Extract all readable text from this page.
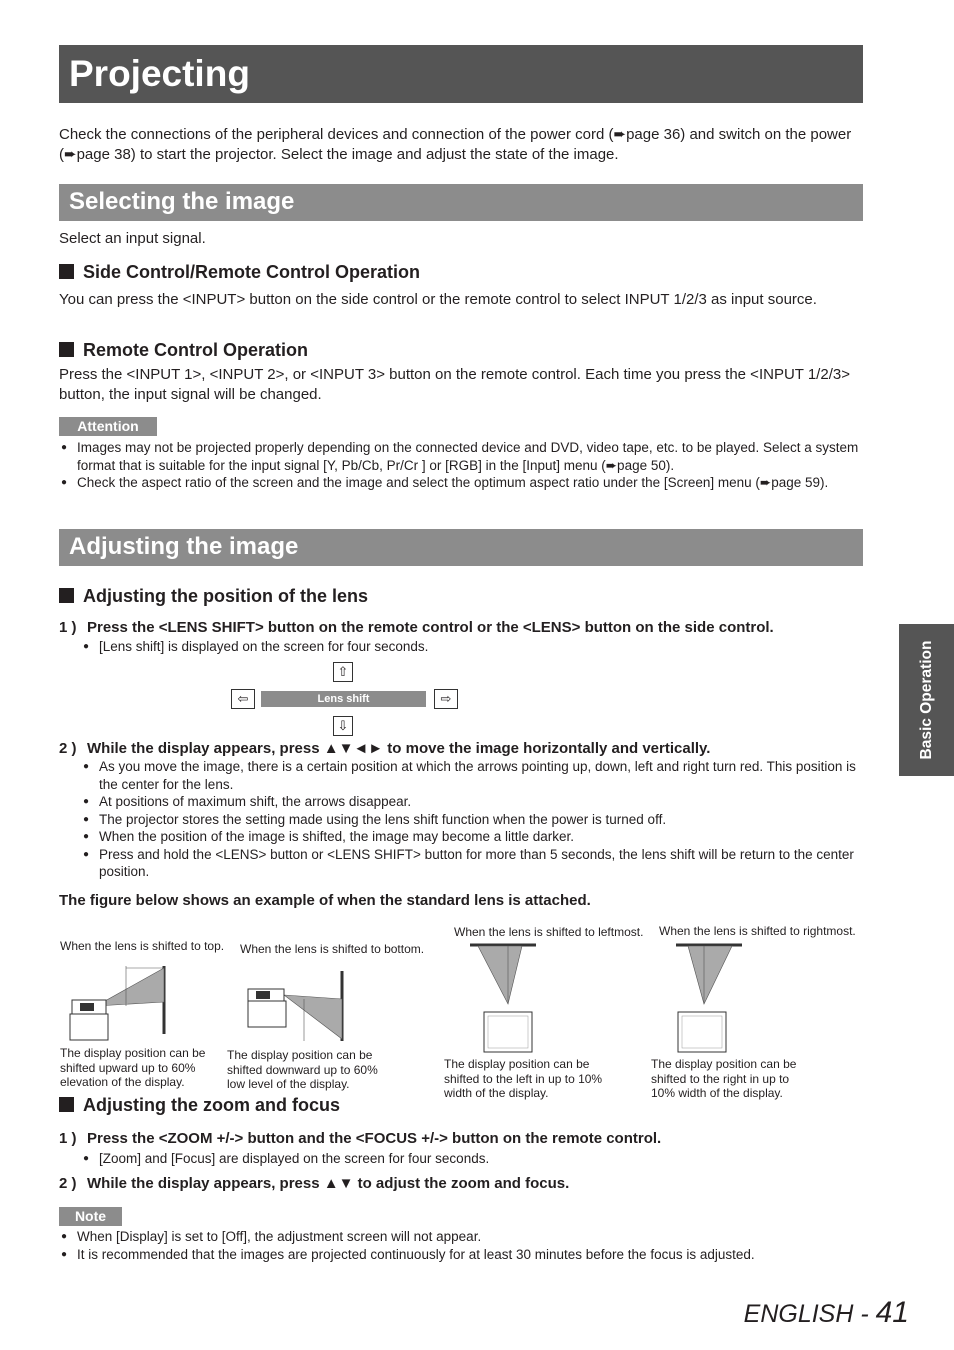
Projecting
Check the connections of the peripheral devices and connection of the power cord (➨page 36) and switch on the power (➨page 38) to start the projector. Select the image and adjust the state of the image.
Selecting the image
Select an input signal.
Side Control/Remote Control Operation
You can press the <INPUT> button on the side control or the remote control to select INPUT 1/2/3 as input source.
Remote Control Operation
Press the <INPUT 1>, <INPUT 2>, or <INPUT 3> button on the remote control. Each time you press the <INPUT 1/2/3> button, the input signal will be changed.
Attention
● Images may not be projected properly depending on the connected device and DVD, video tape, etc. to be played. Select a system format that is suitable for the input signal [Y, Pb/Cb, Pr/Cr ] or [RGB] in the [Input] menu (➨page 50).
● Check the aspect ratio of the screen and the image and select the optimum aspect ratio under the [Screen] menu (➨page 59).
Adjusting the image
Adjusting the position of the lens
1 ) Press the <LENS SHIFT> button on the remote control or the <LENS> button on the side control.
● [Lens shift] is displayed on the screen for four seconds.
⇧
⇦	Lens shift	⇨
⇩
2 ) While the display appears, press ▲▼◄► to move the image horizontally and vertically.
● As you move the image, there is a certain position at which the arrows pointing up, down, left and right turn red. This position is the center for the lens.
● At positions of maximum shift, the arrows disappear.
● The projector stores the setting made using the lens shift function when the power is turned off.
● When the position of the image is shifted, the image may become a little darker.
● Press and hold the <LENS> button or <LENS SHIFT> button for more than 5 seconds, the lens shift will be return to the center position.
The figure below shows an example of when the standard lens is attached.
When the lens is shifted to top.
The display position can be shifted upward up to 60% elevation of the display.
When the lens is shifted to bottom.
The display position can be shifted downward up to 60% low level of the display.
When the lens is shifted to leftmost.
The display position can be shifted to the left in up to 10% width of the display.
When the lens is shifted to rightmost.
The display position can be shifted to the right in up to 10% width of the display.
Adjusting the zoom and focus
1 ) Press the <ZOOM +/-> button and the <FOCUS +/-> button on the remote control.
● [Zoom] and [Focus] are displayed on the screen for four seconds.
2 ) While the display appears, press ▲▼ to adjust the zoom and focus.
Note
● When [Display] is set to [Off], the adjustment screen will not appear.
● It is recommended that the images are projected continuously for at least 30 minutes before the focus is adjusted.
Basic Operation
ENGLISH - 41
